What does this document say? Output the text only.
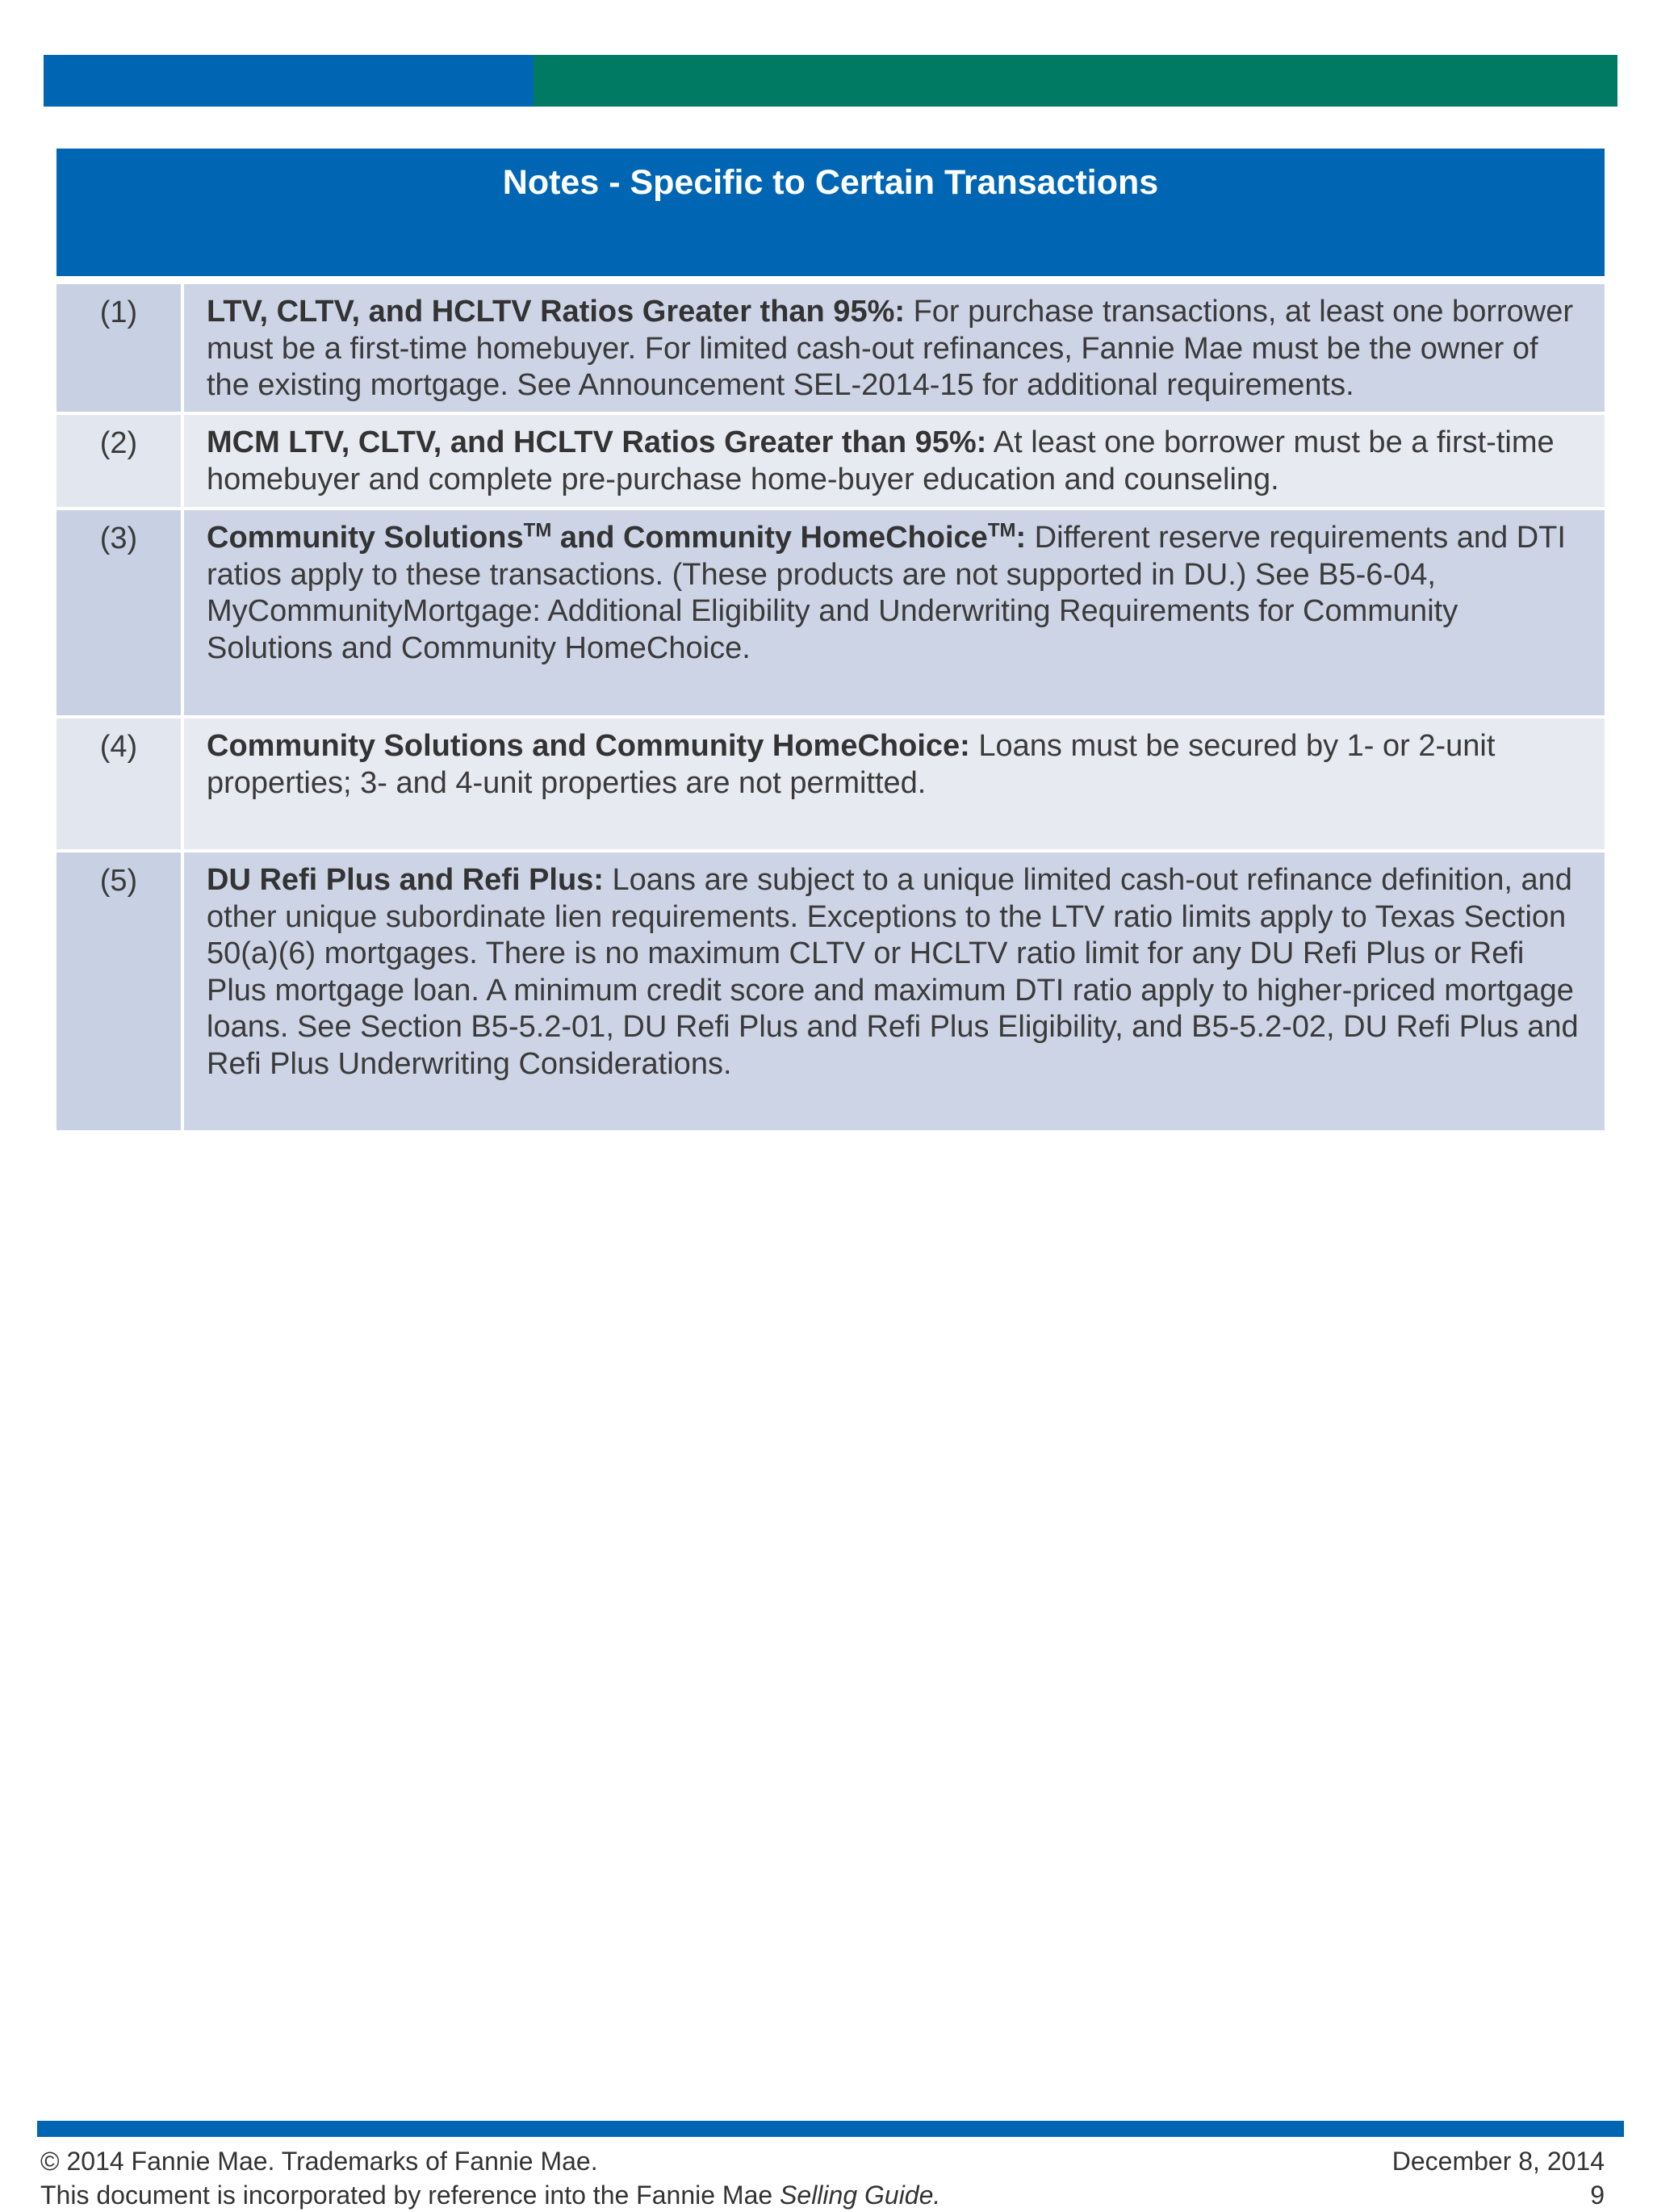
Notes - Specific to Certain Transactions
(1)	LTV, CLTV, and HCLTV Ratios Greater than 95%: For purchase transactions, at least one borrower must be a first-time homebuyer. For limited cash-out refinances, Fannie Mae must be the owner of the existing mortgage. See Announcement SEL-2014-15 for additional requirements.
(2)	MCM LTV, CLTV, and HCLTV Ratios Greater than 95%: At least one borrower must be a first-time homebuyer and complete pre-purchase home-buyer education and counseling.
(3)	Community Solutions™ and Community HomeChoice™: Different reserve requirements and DTI ratios apply to these transactions. (These products are not supported in DU.) See B5-6-04, MyCommunityMortgage: Additional Eligibility and Underwriting Requirements for Community Solutions and Community HomeChoice.
(4)	Community Solutions and Community HomeChoice: Loans must be secured by 1- or 2-unit properties; 3- and 4-unit properties are not permitted.
(5)	DU Refi Plus and Refi Plus: Loans are subject to a unique limited cash-out refinance definition, and other unique subordinate lien requirements. Exceptions to the LTV ratio limits apply to Texas Section 50(a)(6) mortgages. There is no maximum CLTV or HCLTV ratio limit for any DU Refi Plus or Refi Plus mortgage loan. A minimum credit score and maximum DTI ratio apply to higher-priced mortgage loans. See Section B5-5.2-01, DU Refi Plus and Refi Plus Eligibility, and B5-5.2-02, DU Refi Plus and Refi Plus Underwriting Considerations.
© 2014 Fannie Mae. Trademarks of Fannie Mae.
This document is incorporated by reference into the Fannie Mae Selling Guide.
December 8, 2014
9
